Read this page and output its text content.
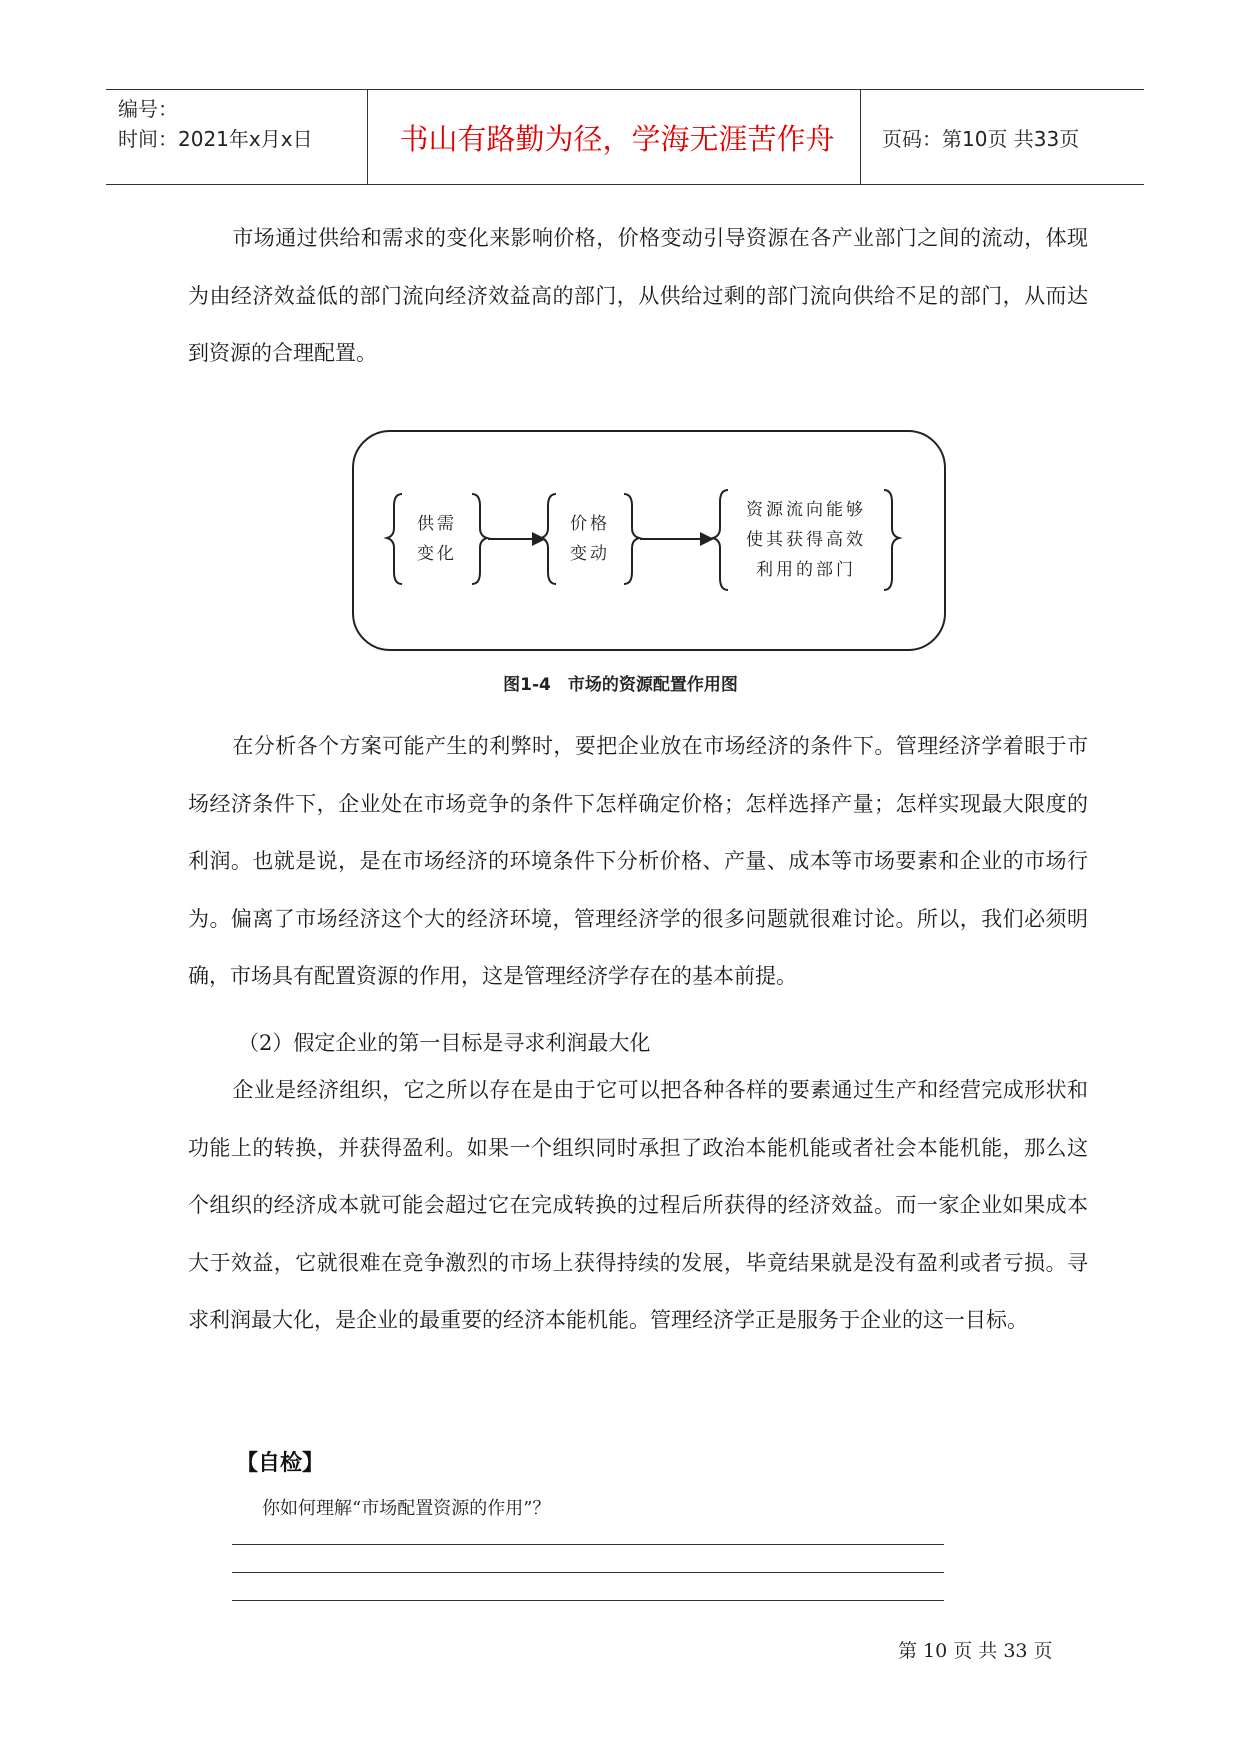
编号：
时间：2021年x月x日	书山有路勤为径，学海无涯苦作舟	页码：第10页 共33页

市场通过供给和需求的变化来影响价格，价格变动引导资源在各产业部门之间的流动，体现为由经济效益低的部门流向经济效益高的部门，从供给过剩的部门流向供给不足的部门，从而达到资源的合理配置。

供需
变化
价格
变动
资源流向能够
使其获得高效
利用的部门
图1-4　市场的资源配置作用图

在分析各个方案可能产生的利弊时，要把企业放在市场经济的条件下。管理经济学着眼于市场经济条件下，企业处在市场竞争的条件下怎样确定价格；怎样选择产量；怎样实现最大限度的利润。也就是说，是在市场经济的环境条件下分析价格、产量、成本等市场要素和企业的市场行为。偏离了市场经济这个大的经济环境，管理经济学的很多问题就很难讨论。所以，我们必须明确，市场具有配置资源的作用，这是管理经济学存在的基本前提。

（2）假定企业的第一目标是寻求利润最大化

企业是经济组织，它之所以存在是由于它可以把各种各样的要素通过生产和经营完成形状和功能上的转换，并获得盈利。如果一个组织同时承担了政治本能机能或者社会本能机能，那么这个组织的经济成本就可能会超过它在完成转换的过程后所获得的经济效益。而一家企业如果成本大于效益，它就很难在竞争激烈的市场上获得持续的发展，毕竟结果就是没有盈利或者亏损。寻求利润最大化，是企业的最重要的经济本能机能。管理经济学正是服务于企业的这一目标。

【自检】
你如何理解“市场配置资源的作用”？
第 10 页 共 33 页
